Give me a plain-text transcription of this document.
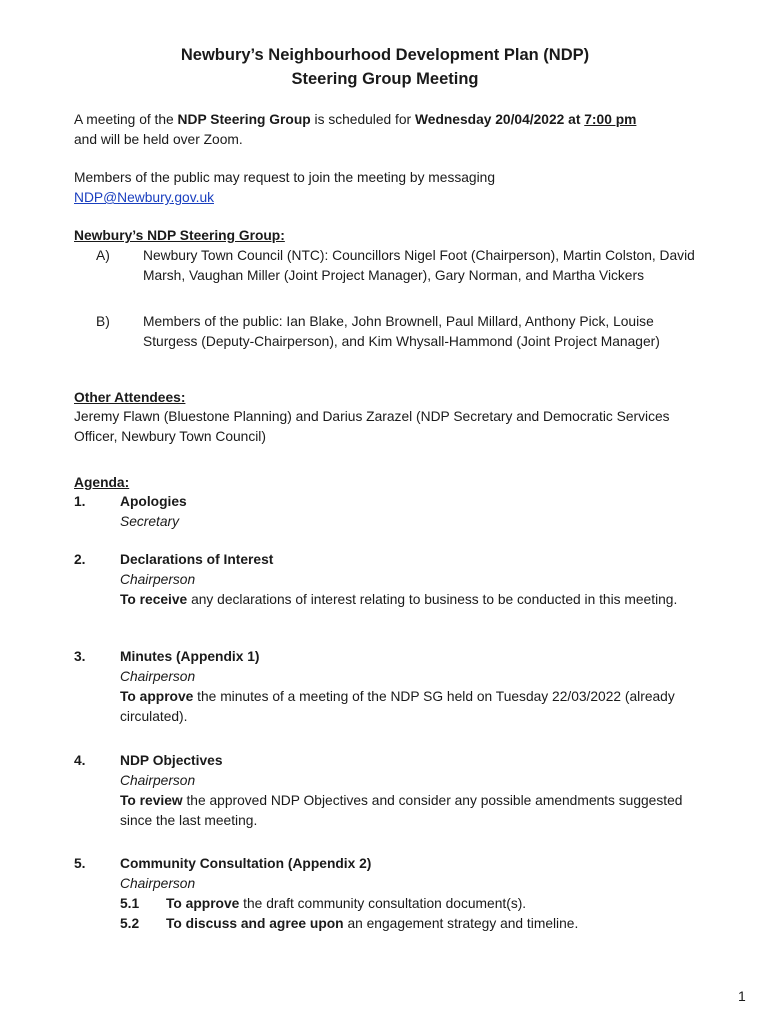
Newbury’s Neighbourhood Development Plan (NDP)
Steering Group Meeting
A meeting of the NDP Steering Group is scheduled for Wednesday 20/04/2022 at 7:00 pm
and will be held over Zoom.
Members of the public may request to join the meeting by messaging
NDP@Newbury.gov.uk
Newbury’s NDP Steering Group:
A)	Newbury Town Council (NTC): Councillors Nigel Foot (Chairperson), Martin Colston, David Marsh, Vaughan Miller (Joint Project Manager), Gary Norman, and Martha Vickers
B)	Members of the public: Ian Blake, John Brownell, Paul Millard, Anthony Pick, Louise Sturgess (Deputy-Chairperson), and Kim Whysall-Hammond (Joint Project Manager)
Other Attendees:
Jeremy Flawn (Bluestone Planning) and Darius Zarazel (NDP Secretary and Democratic Services Officer, Newbury Town Council)
Agenda:
1. Apologies
Secretary
2. Declarations of Interest
Chairperson
To receive any declarations of interest relating to business to be conducted in this meeting.
3. Minutes (Appendix 1)
Chairperson
To approve the minutes of a meeting of the NDP SG held on Tuesday 22/03/2022 (already circulated).
4. NDP Objectives
Chairperson
To review the approved NDP Objectives and consider any possible amendments suggested since the last meeting.
5. Community Consultation (Appendix 2)
Chairperson
5.1 To approve the draft community consultation document(s).
5.2 To discuss and agree upon an engagement strategy and timeline.
1
